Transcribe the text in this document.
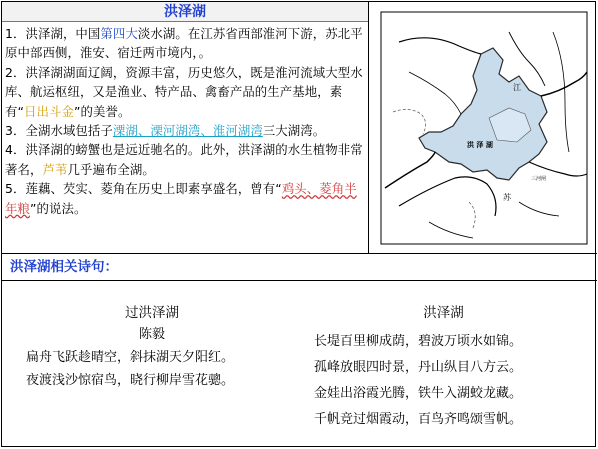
洪泽湖

1．洪泽湖，中国第四大淡水湖。在江苏省西部淮河下游，苏北平原中部西侧，淮安、宿迁两市境内，。

2．洪泽湖湖面辽阔，资源丰富，历史悠久，既是淮河流域大型水库、航运枢纽，又是渔业、特产品、禽畜产品的生产基地，素有“日出斗金”的美誉。

3．全湖水域包括子溧湖、溧河湖湾、淮河湖湾三大湖湾。

4．洪泽湖的螃蟹也是远近驰名的。此外，洪泽湖的水生植物非常著名，芦苇几乎遍布全湖。

5．莲藕、芡实、菱角在历史上即素享盛名，曾有“鸡头、菱角半年粮”的说法。

江
洪 泽 湖
三河闸
苏
洪泽湖相关诗句：
过洪泽湖
陈毅
扁舟飞跃趁晴空，斜抹湖天夕阳红。
夜渡浅沙惊宿鸟，晓行柳岸雪花骢。
洪泽湖
长堤百里柳成荫，碧波万顷水如锦。
孤峰放眼四时景，丹山纵目八方云。
金娃出浴霞光腾，铁牛入湖蛟龙藏。
千帆竞过烟霞动，百鸟齐鸣颂雪帆。
